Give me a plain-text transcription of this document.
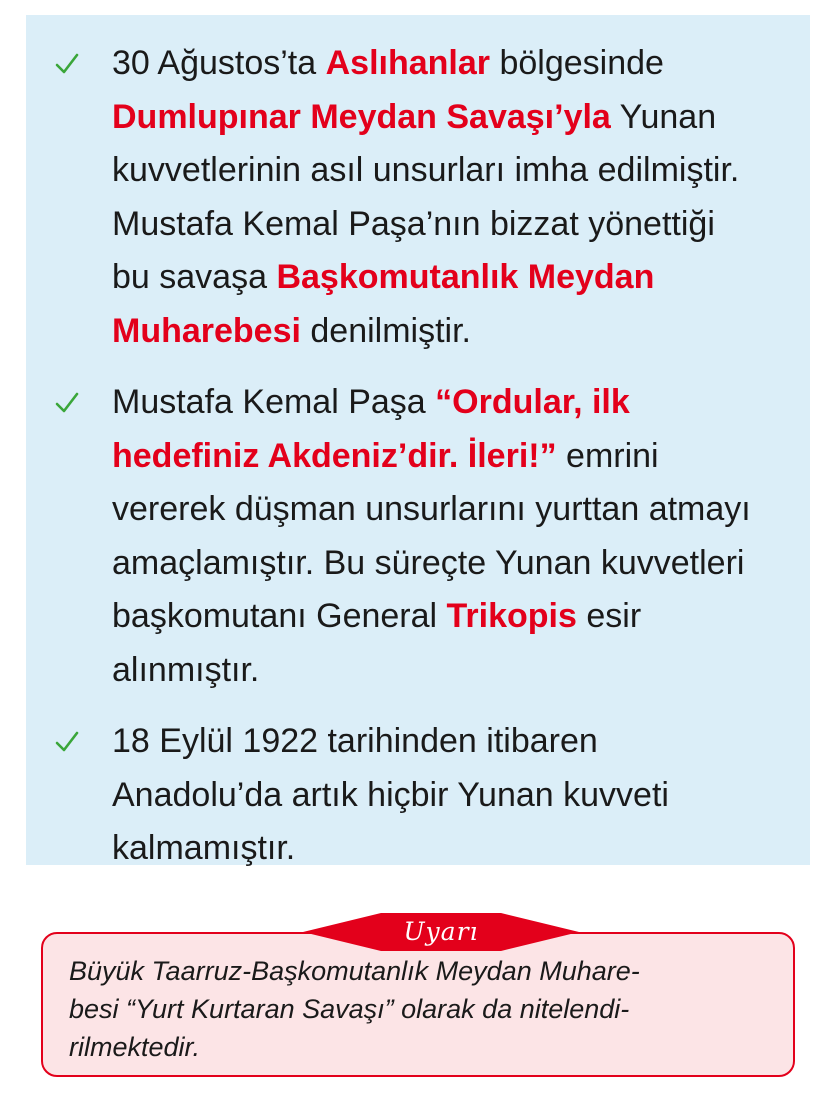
30 Ağustos’ta Aslıhanlar bölgesinde
Dumlupınar Meydan Savaşı’yla Yunan
kuvvetlerinin asıl unsurları imha edilmiştir.
Mustafa Kemal Paşa’nın bizzat yönettiği
bu savaşa Başkomutanlık Meydan
Muharebesi denilmiştir.

Mustafa Kemal Paşa “Ordular, ilk
hedefiniz Akdeniz’dir. İleri!” emrini
vererek düşman unsurlarını yurttan atmayı
amaçlamıştır. Bu süreçte Yunan kuvvetleri
başkomutanı General Trikopis esir
alınmıştır.

18 Eylül 1922 tarihinden itibaren
Anadolu’da artık hiçbir Yunan kuvveti
kalmamıştır.

Uyarı

Büyük Taarruz-Başkomutanlık Meydan Muhare-

besi “Yurt Kurtaran Savaşı” olarak da nitelendi-

rilmektedir.
